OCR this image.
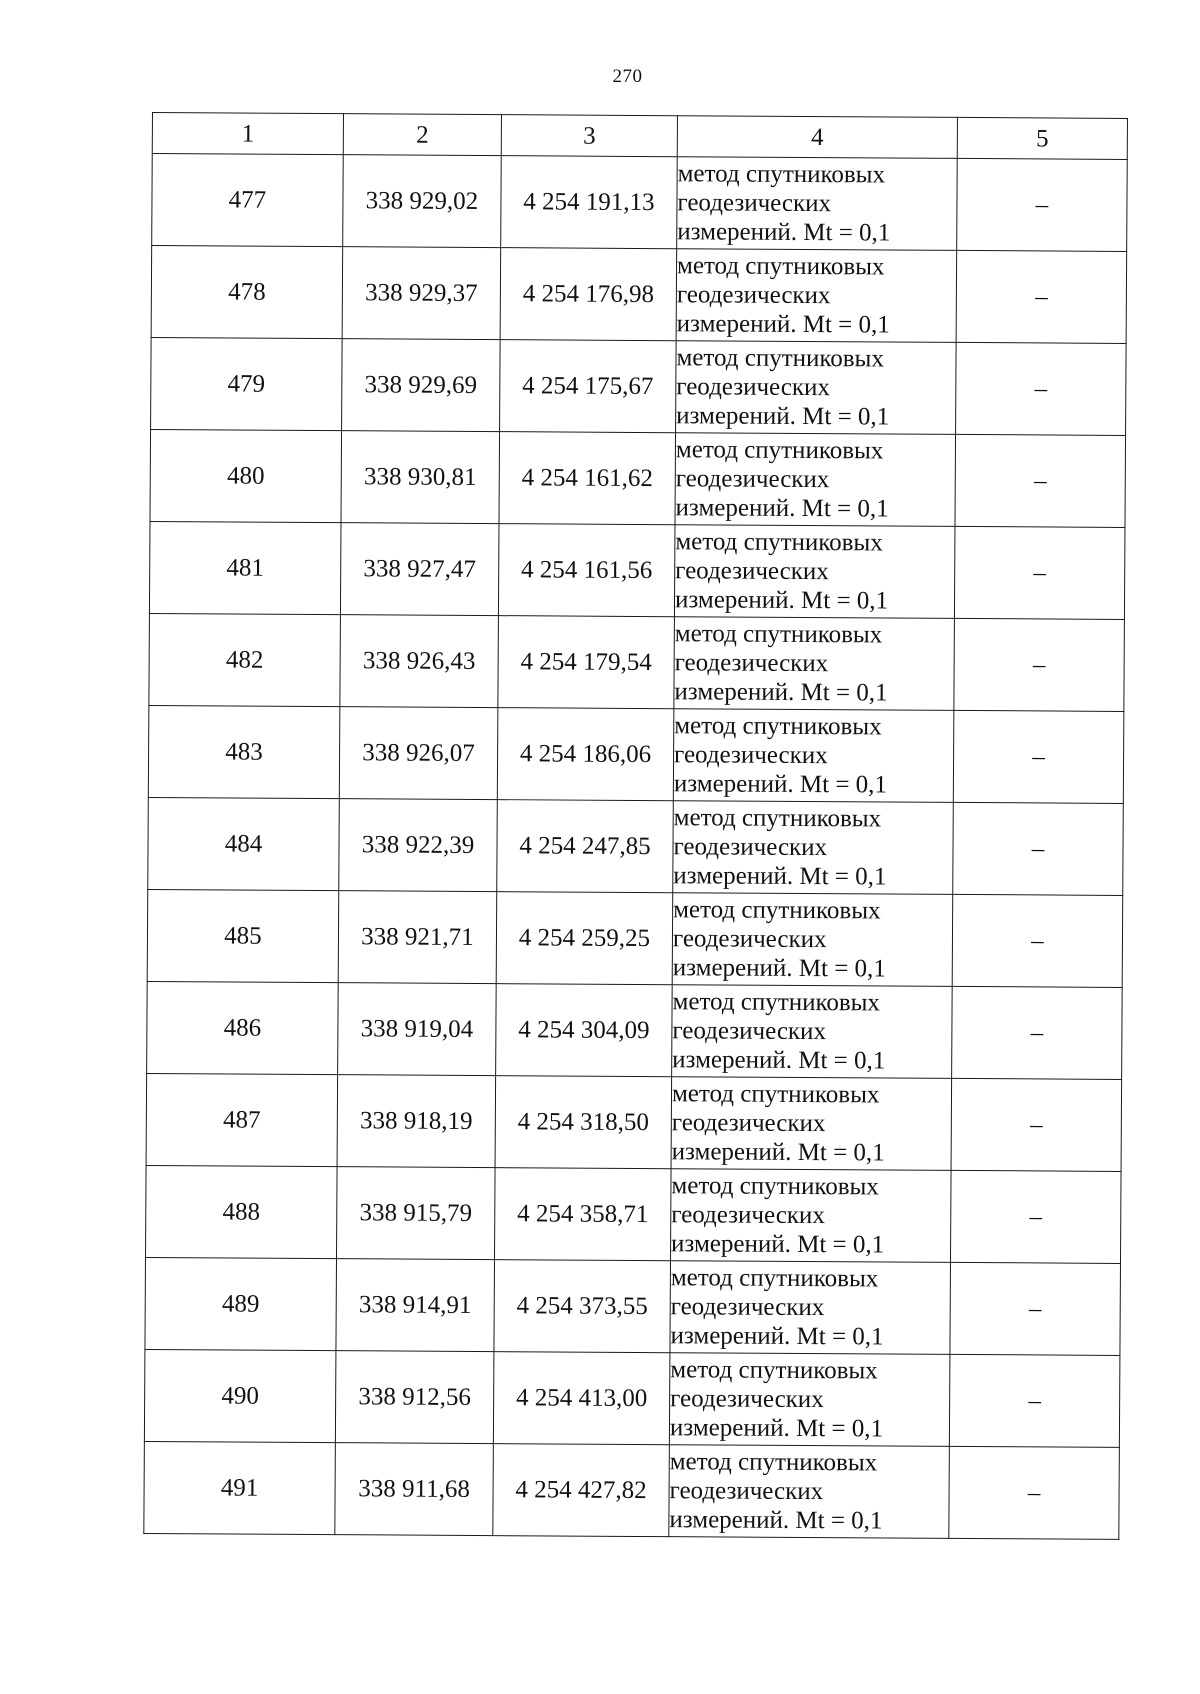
270
1	2	3	4	5
477	338 929,02	4 254 191,13	метод спутниковых
геодезических
измерений. Mt = 0,1	–
478	338 929,37	4 254 176,98	метод спутниковых
геодезических
измерений. Mt = 0,1	–
479	338 929,69	4 254 175,67	метод спутниковых
геодезических
измерений. Mt = 0,1	–
480	338 930,81	4 254 161,62	метод спутниковых
геодезических
измерений. Mt = 0,1	–
481	338 927,47	4 254 161,56	метод спутниковых
геодезических
измерений. Mt = 0,1	–
482	338 926,43	4 254 179,54	метод спутниковых
геодезических
измерений. Mt = 0,1	–
483	338 926,07	4 254 186,06	метод спутниковых
геодезических
измерений. Mt = 0,1	–
484	338 922,39	4 254 247,85	метод спутниковых
геодезических
измерений. Mt = 0,1	–
485	338 921,71	4 254 259,25	метод спутниковых
геодезических
измерений. Mt = 0,1	–
486	338 919,04	4 254 304,09	метод спутниковых
геодезических
измерений. Mt = 0,1	–
487	338 918,19	4 254 318,50	метод спутниковых
геодезических
измерений. Mt = 0,1	–
488	338 915,79	4 254 358,71	метод спутниковых
геодезических
измерений. Mt = 0,1	–
489	338 914,91	4 254 373,55	метод спутниковых
геодезических
измерений. Mt = 0,1	–
490	338 912,56	4 254 413,00	метод спутниковых
геодезических
измерений. Mt = 0,1	–
491	338 911,68	4 254 427,82	метод спутниковых
геодезических
измерений. Mt = 0,1	–
